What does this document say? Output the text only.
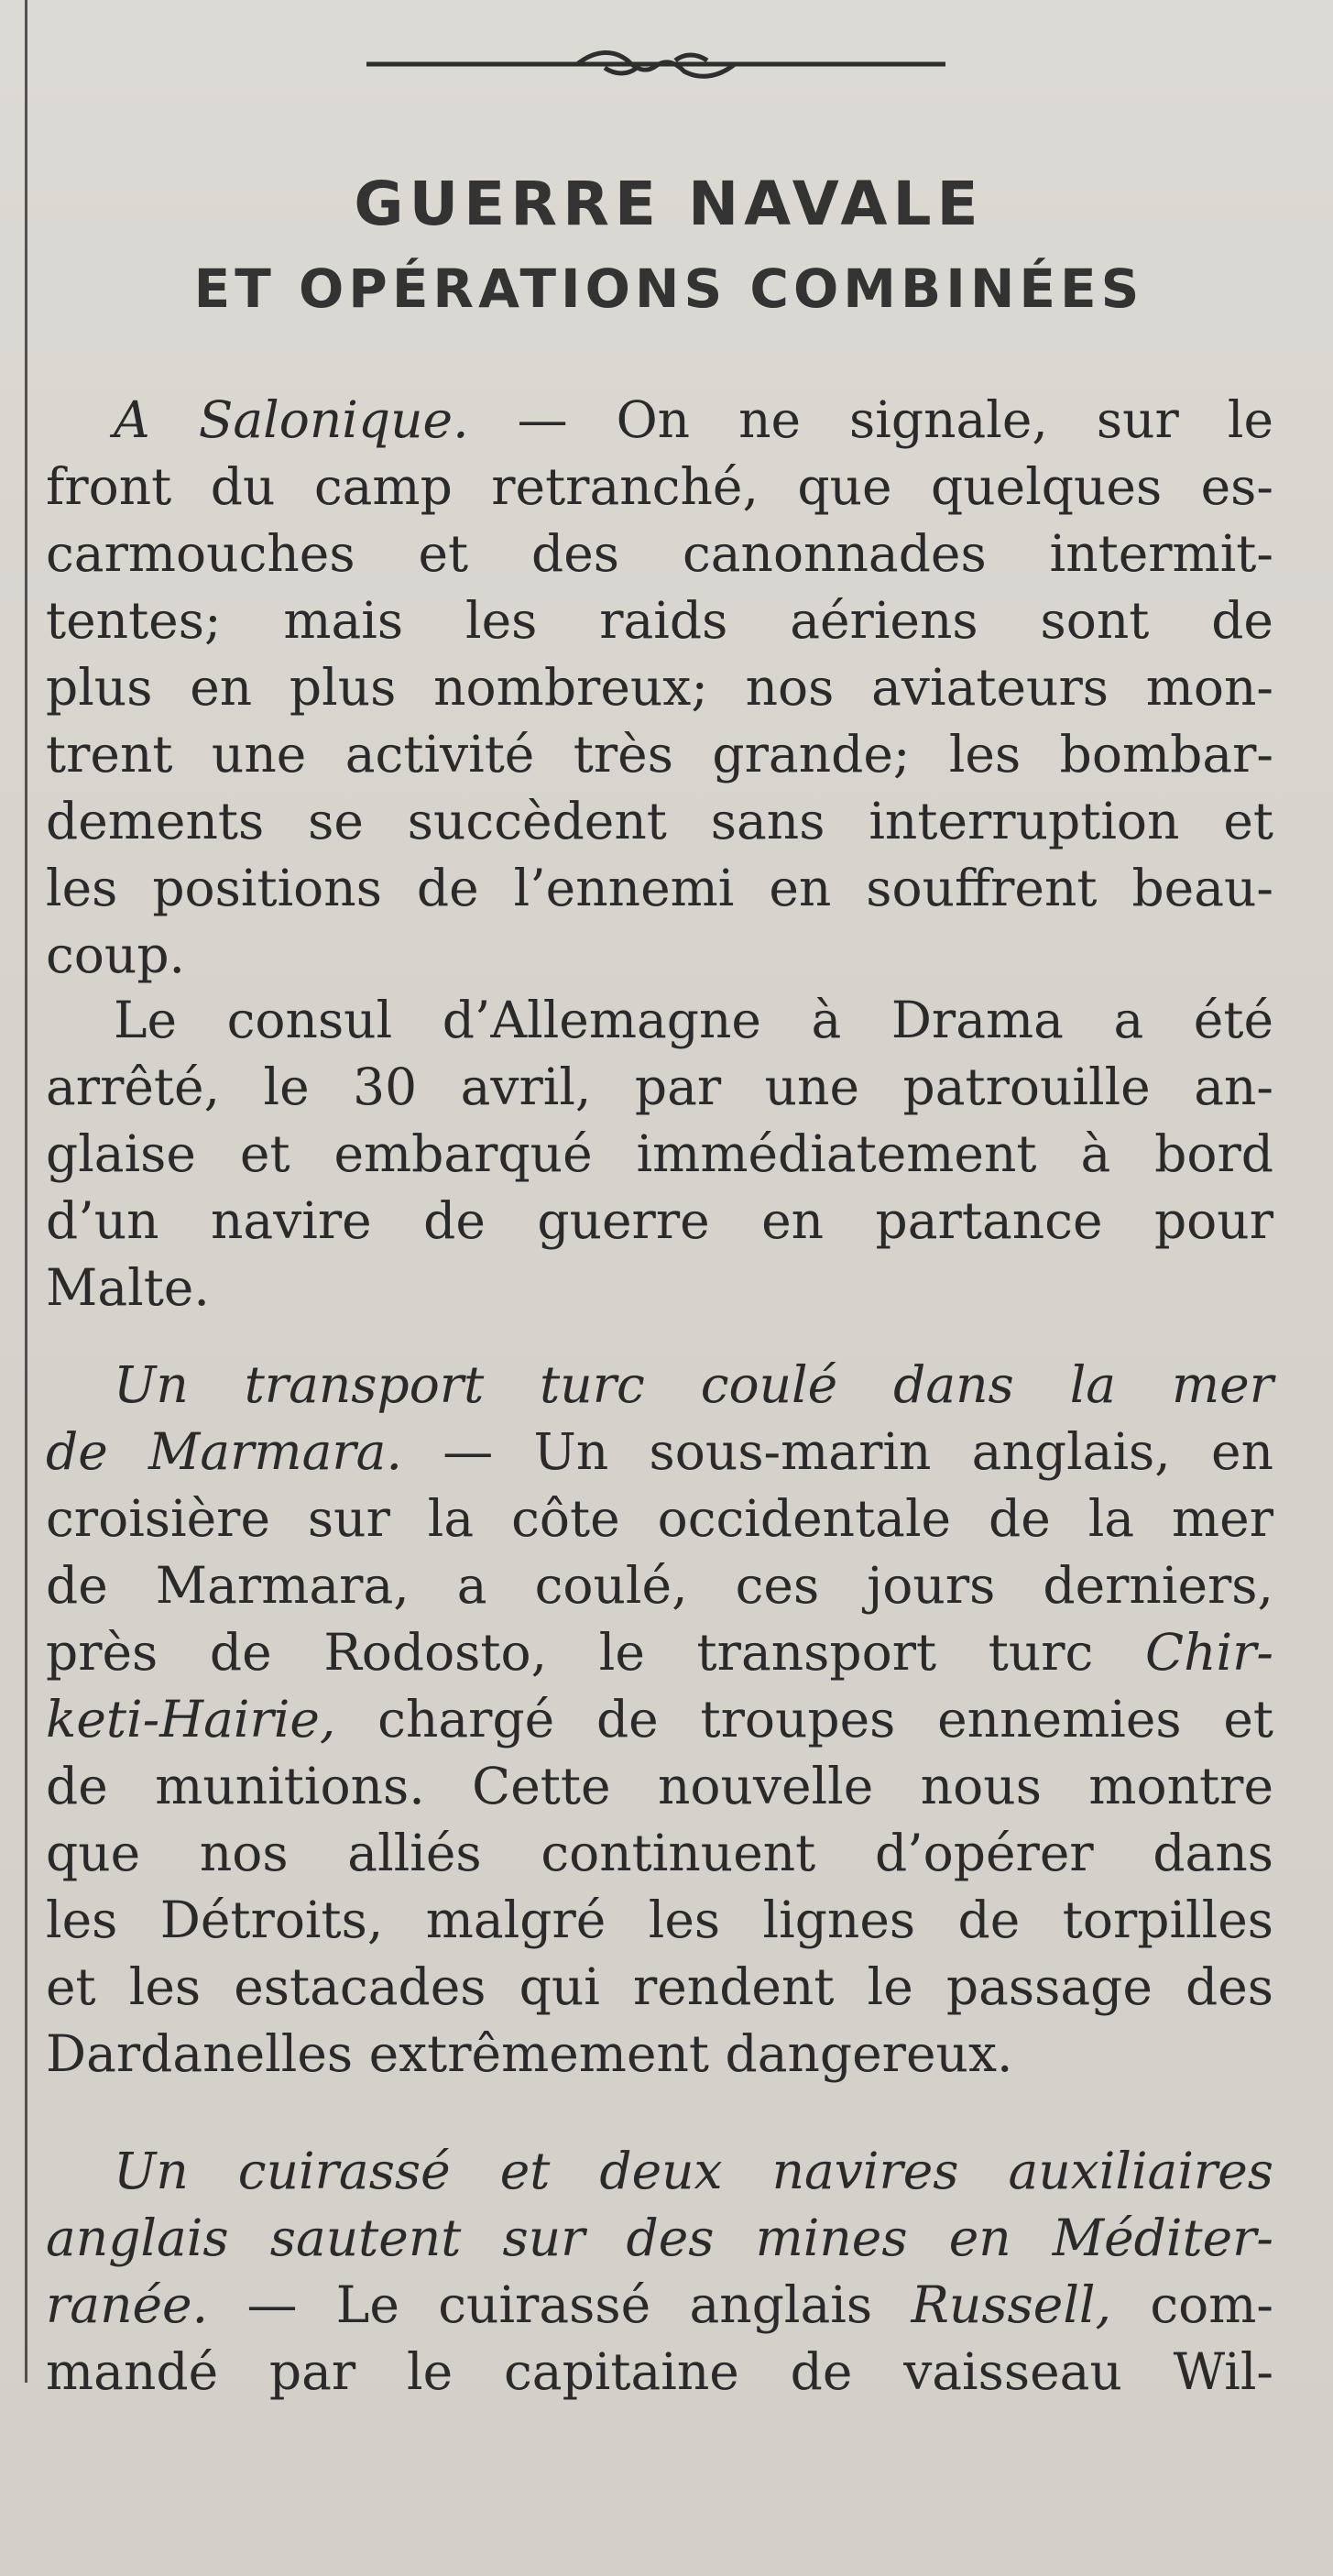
GUERRE NAVALE
ET OPÉRATIONS COMBINÉES
A Salonique. — On ne signale, sur le
front du camp retranché, que quelques es-
carmouches et des canonnades intermit-
tentes; mais les raids aériens sont de
plus en plus nombreux; nos aviateurs mon-
trent une activité très grande; les bombar-
dements se succèdent sans interruption et
les positions de l’ennemi en souffrent beau-
coup.
Le consul d’Allemagne à Drama a été
arrêté, le 30 avril, par une patrouille an-
glaise et embarqué immédiatement à bord
d’un navire de guerre en partance pour
Malte.
Un transport turc coulé dans la mer
de Marmara. — Un sous-marin anglais, en
croisière sur la côte occidentale de la mer
de Marmara, a coulé, ces jours derniers,
près de Rodosto, le transport turc Chir-
keti-Hairie, chargé de troupes ennemies et
de munitions. Cette nouvelle nous montre
que nos alliés continuent d’opérer dans
les Détroits, malgré les lignes de torpilles
et les estacades qui rendent le passage des
Dardanelles extrêmement dangereux.
Un cuirassé et deux navires auxiliaires
anglais sautent sur des mines en Méditer-
ranée. — Le cuirassé anglais Russell, com-
mandé par le capitaine de vaisseau Wil-
